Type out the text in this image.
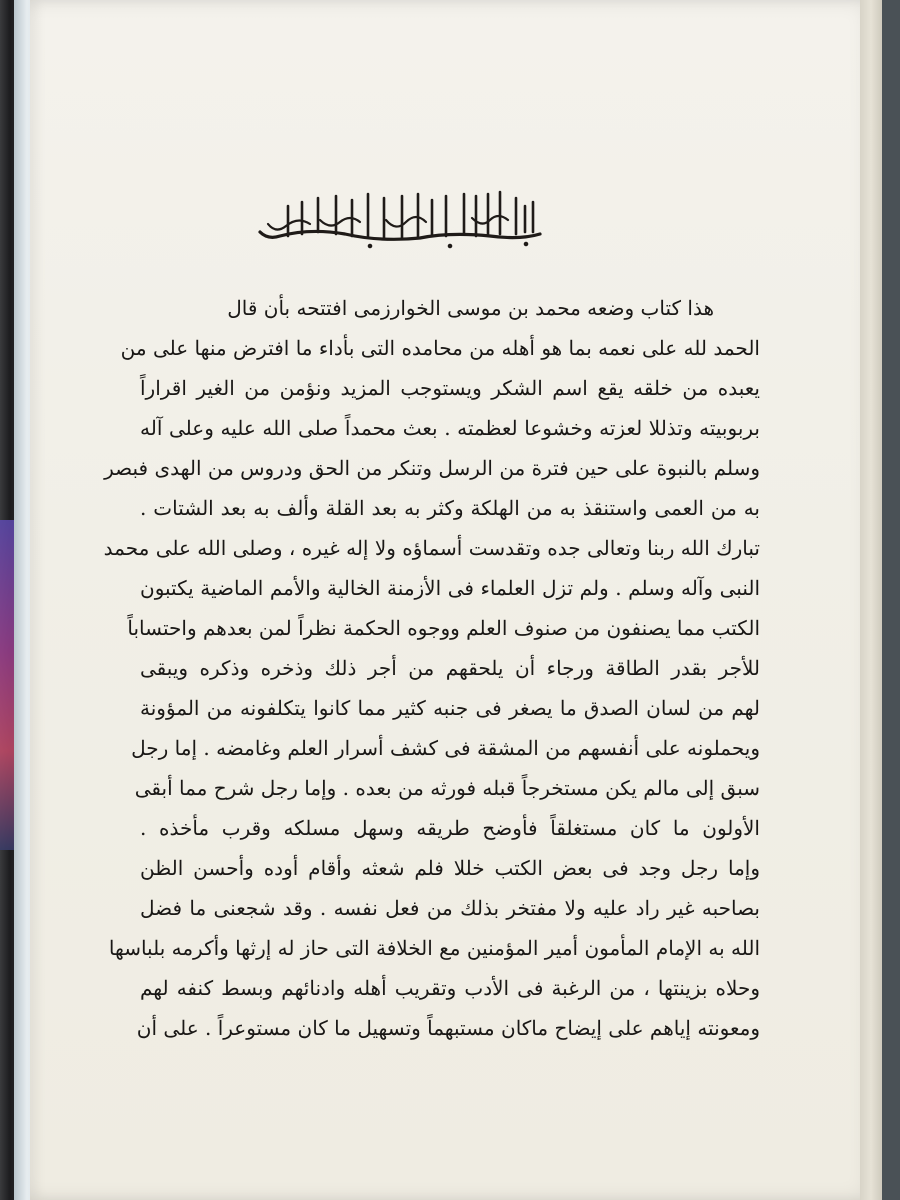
هذا كتاب وضعه محمد بن موسى الخوارزمى افتتحه بأن قال
الحمد لله على نعمه بما هو أهله من محامده التى بأداء ما افترض منها على من
يعبده من خلقه يقع اسم الشكر ويستوجب المزيد ونؤمن من الغير اقراراً
بربوبيته وتذللا لعزته وخشوعا لعظمته . بعث محمداً صلى الله عليه وعلى آله
وسلم بالنبوة على حين فترة من الرسل وتنكر من الحق ودروس من الهدى فبصر
به من العمى واستنقذ به من الهلكة وكثر به بعد القلة وألف به بعد الشتات .
تبارك الله ربنا وتعالى جده وتقدست أسماؤه ولا إله غيره ، وصلى الله على محمد
النبى وآله وسلم . ولم تزل العلماء فى الأزمنة الخالية والأمم الماضية يكتبون
الكتب مما يصنفون من صنوف العلم ووجوه الحكمة نظراً لمن بعدهم واحتساباً
للأجر بقدر الطاقة ورجاء أن يلحقهم من أجر ذلك وذخره وذكره ويبقى
لهم من لسان الصدق ما يصغر فى جنبه كثير مما كانوا يتكلفونه من المؤونة
ويحملونه على أنفسهم من المشقة فى كشف أسرار العلم وغامضه . إما رجل
سبق إلى مالم يكن مستخرجاً قبله فورثه من بعده . وإما رجل شرح مما أبقى
الأولون ما كان مستغلقاً فأوضح طريقه وسهل مسلكه وقرب مأخذه .
وإما رجل وجد فى بعض الكتب خللا فلم شعثه وأقام أوده وأحسن الظن
بصاحبه غير راد عليه ولا مفتخر بذلك من فعل نفسه . وقد شجعنى ما فضل
الله به الإمام المأمون أمير المؤمنين مع الخلافة التى حاز له إرثها وأكرمه بلباسها
وحلاه بزينتها ، من الرغبة فى الأدب وتقريب أهله وادنائهم وبسط كنفه لهم
ومعونته إياهم على إيضاح ماكان مستبهماً وتسهيل ما كان مستوعراً . على أن
